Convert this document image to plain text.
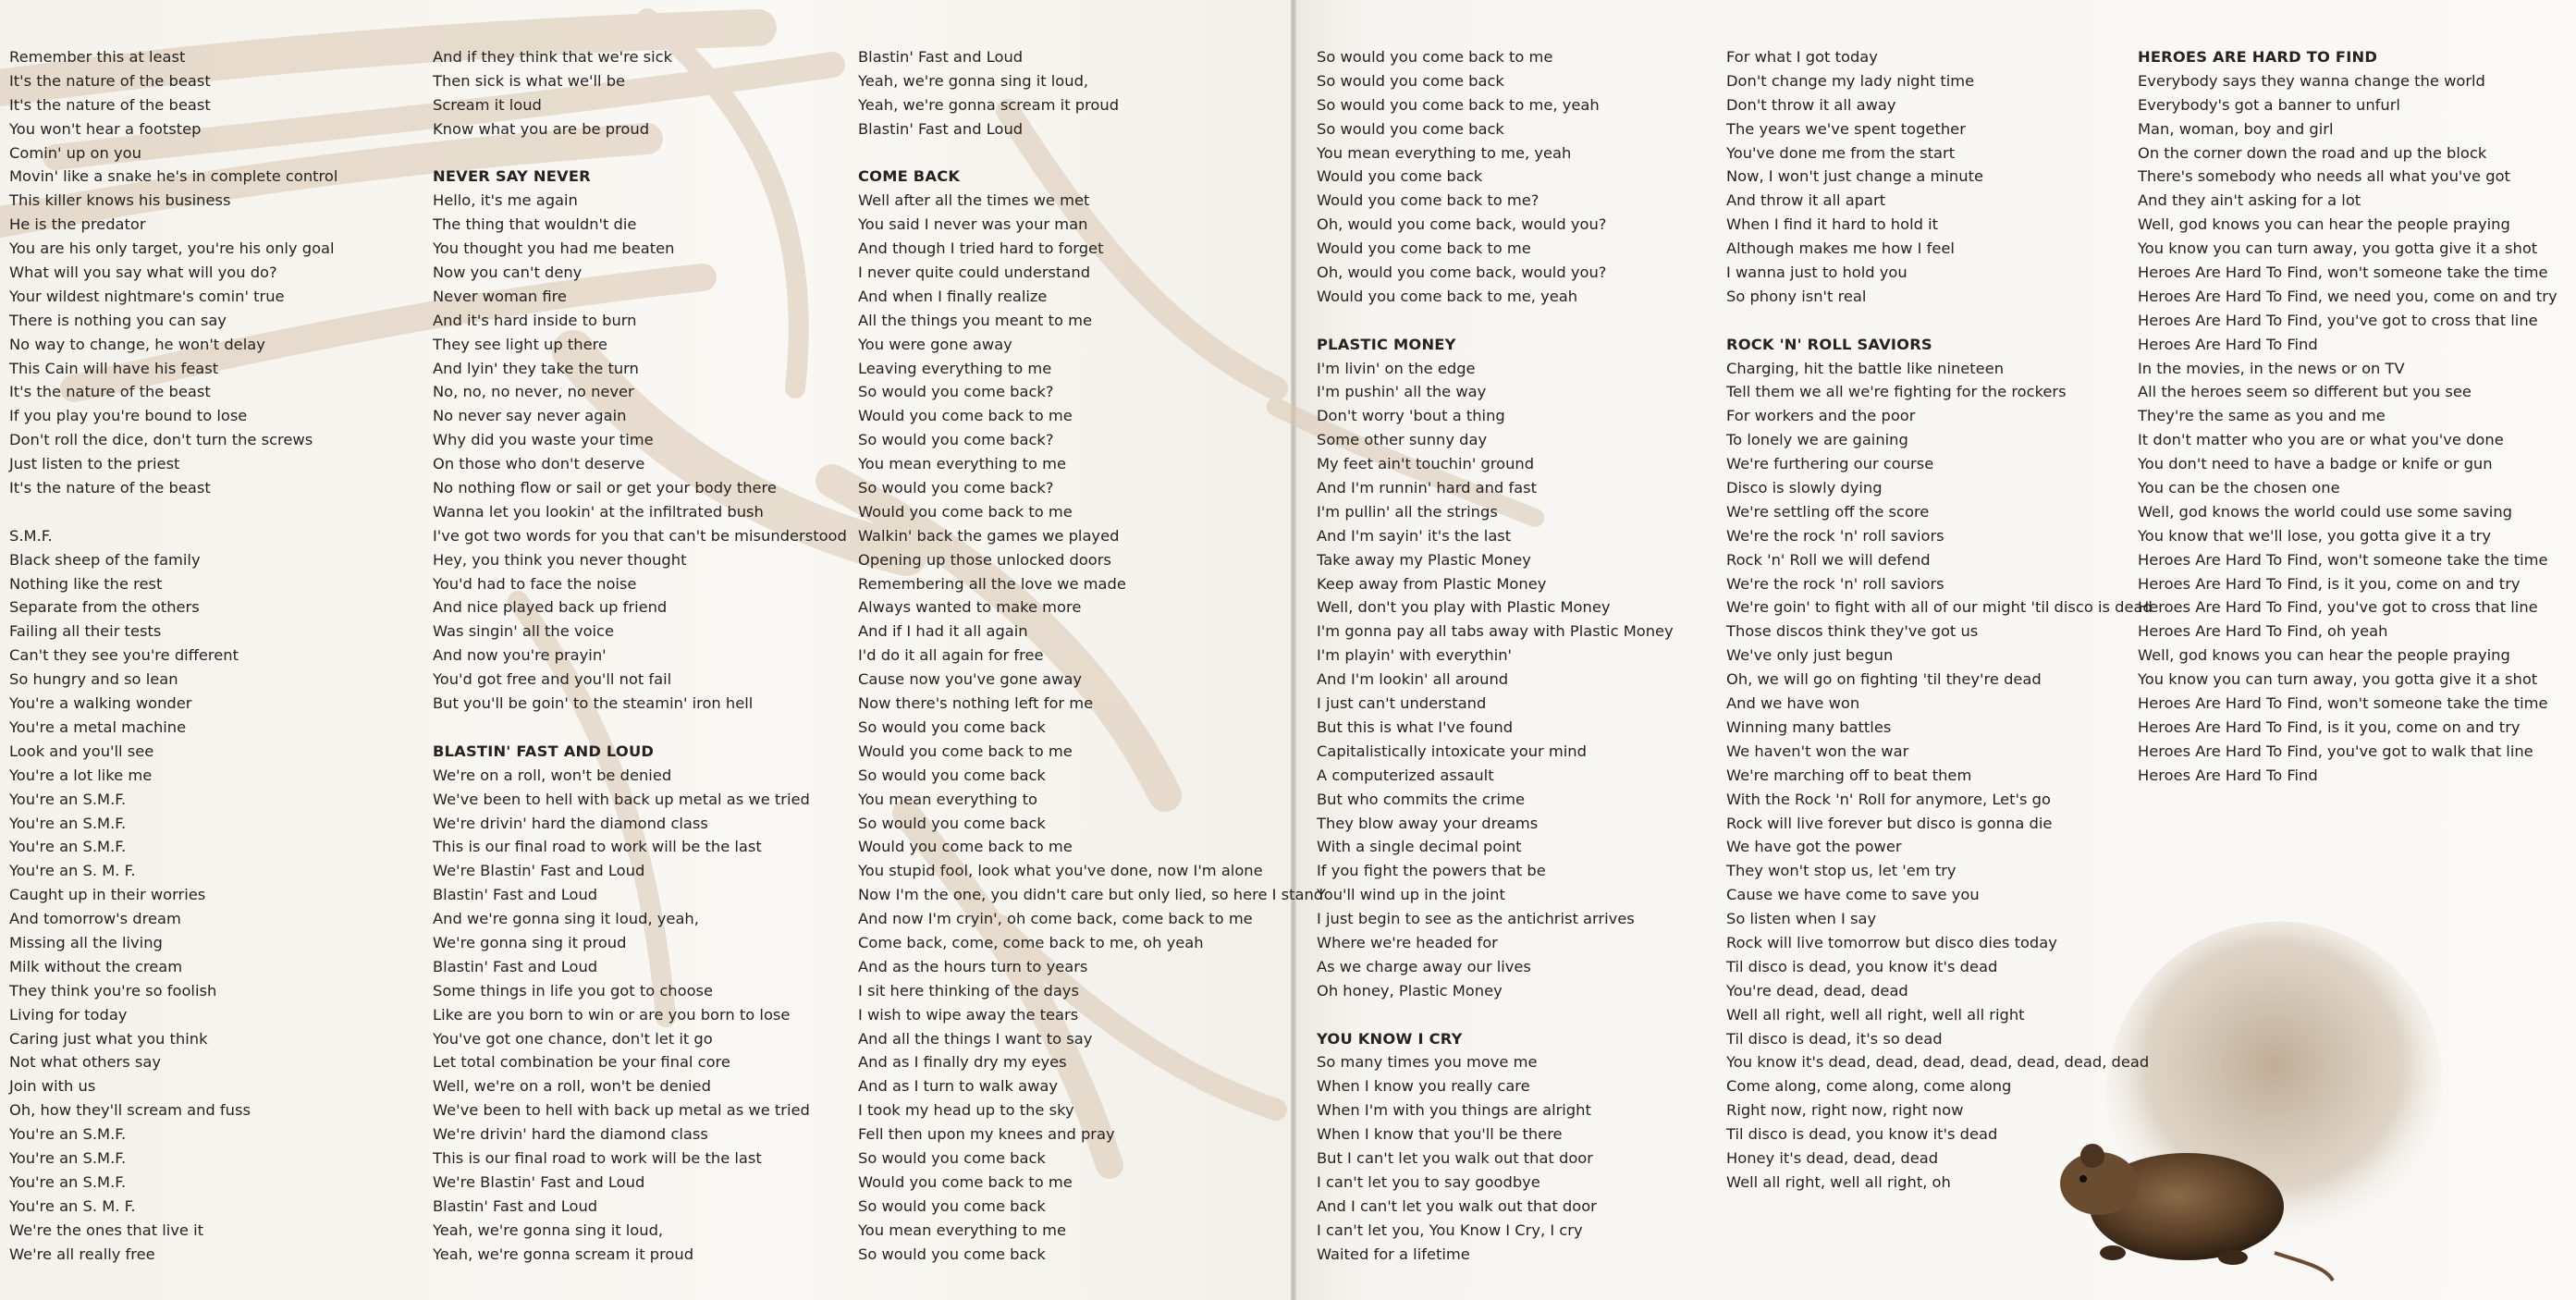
Remember this at least
It's the nature of the beast
It's the nature of the beast
You won't hear a footstep
Comin' up on you
Movin' like a snake he's in complete control
This killer knows his business
He is the predator
You are his only target, you're his only goal
What will you say what will you do?
Your wildest nightmare's comin' true
There is nothing you can say
No way to change, he won't delay
This Cain will have his feast
It's the nature of the beast
If you play you're bound to lose
Don't roll the dice, don't turn the screws
Just listen to the priest
It's the nature of the beast
S.M.F.
Black sheep of the family
Nothing like the rest
Separate from the others
Failing all their tests
Can't they see you're different
So hungry and so lean
You're a walking wonder
You're a metal machine
Look and you'll see
You're a lot like me
You're an S.M.F.
You're an S.M.F.
You're an S.M.F.
You're an S. M. F.
Caught up in their worries
And tomorrow's dream
Missing all the living
Milk without the cream
They think you're so foolish
Living for today
Caring just what you think
Not what others say
Join with us
Oh, how they'll scream and fuss
You're an S.M.F.
You're an S.M.F.
You're an S.M.F.
You're an S. M. F.
We're the ones that live it
We're all really free
And if they think that we're sick
Then sick is what we'll be
Scream it loud
Know what you are be proud
NEVER SAY NEVER
Hello, it's me again
The thing that wouldn't die
You thought you had me beaten
Now you can't deny
Never woman fire
And it's hard inside to burn
They see light up there
And lyin' they take the turn
No, no, no never, no never
No never say never again
Why did you waste your time
On those who don't deserve
No nothing flow or sail or get your body there
Wanna let you lookin' at the infiltrated bush
I've got two words for you that can't be misunderstood
Hey, you think you never thought
You'd had to face the noise
And nice played back up friend
Was singin' all the voice
And now you're prayin'
You'd got free and you'll not fail
But you'll be goin' to the steamin' iron hell
BLASTIN' FAST AND LOUD
We're on a roll, won't be denied
We've been to hell with back up metal as we tried
We're drivin' hard the diamond class
This is our final road to work will be the last
We're Blastin' Fast and Loud
Blastin' Fast and Loud
And we're gonna sing it loud, yeah,
We're gonna sing it proud
Blastin' Fast and Loud
Some things in life you got to choose
Like are you born to win or are you born to lose
You've got one chance, don't let it go
Let total combination be your final core
Well, we're on a roll, won't be denied
We've been to hell with back up metal as we tried
We're drivin' hard the diamond class
This is our final road to work will be the last
We're Blastin' Fast and Loud
Blastin' Fast and Loud
Yeah, we're gonna sing it loud,
Yeah, we're gonna scream it proud
Blastin' Fast and Loud
Yeah, we're gonna sing it loud,
Yeah, we're gonna scream it proud
Blastin' Fast and Loud
COME BACK
Well after all the times we met
You said I never was your man
And though I tried hard to forget
I never quite could understand
And when I finally realize
All the things you meant to me
You were gone away
Leaving everything to me
So would you come back?
Would you come back to me
So would you come back?
You mean everything to me
So would you come back?
Would you come back to me
Walkin' back the games we played
Opening up those unlocked doors
Remembering all the love we made
Always wanted to make more
And if I had it all again
I'd do it all again for free
Cause now you've gone away
Now there's nothing left for me
So would you come back
Would you come back to me
So would you come back
You mean everything to
So would you come back
Would you come back to me
You stupid fool, look what you've done, now I'm alone
Now I'm the one, you didn't care but only lied, so here I stand
And now I'm cryin', oh come back, come back to me
Come back, come, come back to me, oh yeah
And as the hours turn to years
I sit here thinking of the days
I wish to wipe away the tears
And all the things I want to say
And as I finally dry my eyes
And as I turn to walk away
I took my head up to the sky
Fell then upon my knees and pray
So would you come back
Would you come back to me
So would you come back
You mean everything to me
So would you come back
So would you come back to me
So would you come back
So would you come back to me, yeah
So would you come back
You mean everything to me, yeah
Would you come back
Would you come back to me?
Oh, would you come back, would you?
Would you come back to me
Oh, would you come back, would you?
Would you come back to me, yeah
PLASTIC MONEY
I'm livin' on the edge
I'm pushin' all the way
Don't worry 'bout a thing
Some other sunny day
My feet ain't touchin' ground
And I'm runnin' hard and fast
I'm pullin' all the strings
And I'm sayin' it's the last
Take away my Plastic Money
Keep away from Plastic Money
Well, don't you play with Plastic Money
I'm gonna pay all tabs away with Plastic Money
I'm playin' with everythin'
And I'm lookin' all around
I just can't understand
But this is what I've found
Capitalistically intoxicate your mind
A computerized assault
But who commits the crime
They blow away your dreams
With a single decimal point
If you fight the powers that be
You'll wind up in the joint
I just begin to see as the antichrist arrives
Where we're headed for
As we charge away our lives
Oh honey, Plastic Money
YOU KNOW I CRY
So many times you move me
When I know you really care
When I'm with you things are alright
When I know that you'll be there
But I can't let you walk out that door
I can't let you to say goodbye
And I can't let you walk out that door
I can't let you, You Know I Cry, I cry
Waited for a lifetime
For what I got today
Don't change my lady night time
Don't throw it all away
The years we've spent together
You've done me from the start
Now, I won't just change a minute
And throw it all apart
When I find it hard to hold it
Although makes me how I feel
I wanna just to hold you
So phony isn't real
ROCK 'N' ROLL SAVIORS
Charging, hit the battle like nineteen
Tell them we all we're fighting for the rockers
For workers and the poor
To lonely we are gaining
We're furthering our course
Disco is slowly dying
We're settling off the score
We're the rock 'n' roll saviors
Rock 'n' Roll we will defend
We're the rock 'n' roll saviors
We're goin' to fight with all of our might 'til disco is dead
Those discos think they've got us
We've only just begun
Oh, we will go on fighting 'til they're dead
And we have won
Winning many battles
We haven't won the war
We're marching off to beat them
With the Rock 'n' Roll for anymore, Let's go
Rock will live forever but disco is gonna die
We have got the power
They won't stop us, let 'em try
Cause we have come to save you
So listen when I say
Rock will live tomorrow but disco dies today
Til disco is dead, you know it's dead
You're dead, dead, dead
Well all right, well all right, well all right
Til disco is dead, it's so dead
You know it's dead, dead, dead, dead, dead, dead, dead
Come along, come along, come along
Right now, right now, right now
Til disco is dead, you know it's dead
Honey it's dead, dead, dead
Well all right, well all right, oh
HEROES ARE HARD TO FIND
Everybody says they wanna change the world
Everybody's got a banner to unfurl
Man, woman, boy and girl
On the corner down the road and up the block
There's somebody who needs all what you've got
And they ain't asking for a lot
Well, god knows you can hear the people praying
You know you can turn away, you gotta give it a shot
Heroes Are Hard To Find, won't someone take the time
Heroes Are Hard To Find, we need you, come on and try
Heroes Are Hard To Find, you've got to cross that line
Heroes Are Hard To Find
In the movies, in the news or on TV
All the heroes seem so different but you see
They're the same as you and me
It don't matter who you are or what you've done
You don't need to have a badge or knife or gun
You can be the chosen one
Well, god knows the world could use some saving
You know that we'll lose, you gotta give it a try
Heroes Are Hard To Find, won't someone take the time
Heroes Are Hard To Find, is it you, come on and try
Heroes Are Hard To Find, you've got to cross that line
Heroes Are Hard To Find, oh yeah
Well, god knows you can hear the people praying
You know you can turn away, you gotta give it a shot
Heroes Are Hard To Find, won't someone take the time
Heroes Are Hard To Find, is it you, come on and try
Heroes Are Hard To Find, you've got to walk that line
Heroes Are Hard To Find
